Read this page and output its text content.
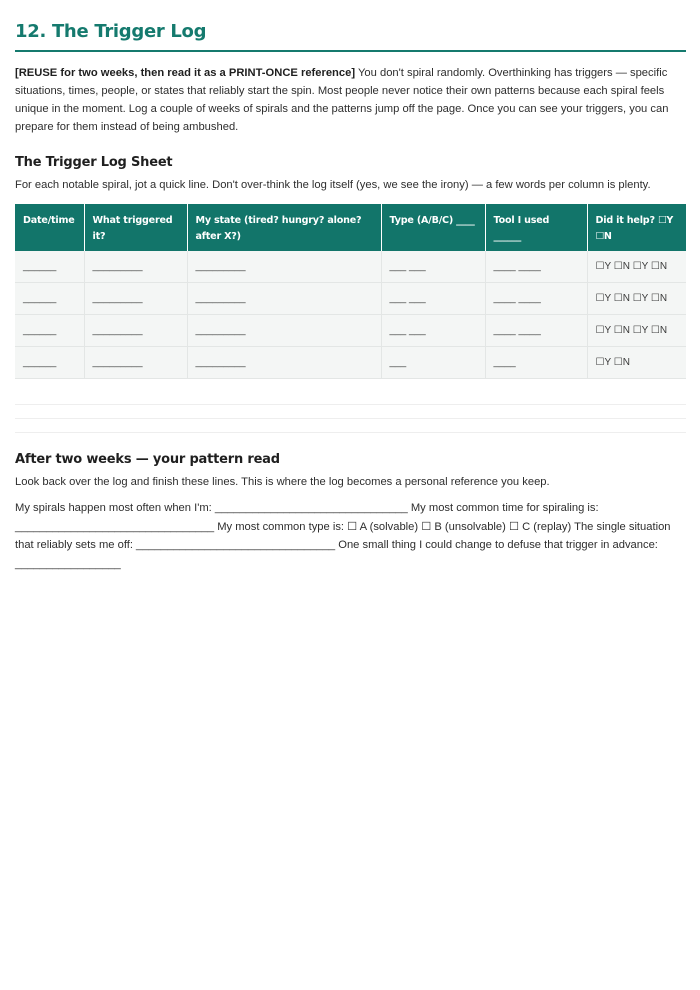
12. The Trigger Log

[REUSE for two weeks, then read it as a PRINT-ONCE reference] You don't spiral randomly. Overthinking has triggers — specific situations, times, people, or states that reliably start the spin. Most people never notice their own patterns because each spiral feels unique in the moment. Log a couple of weeks of spirals and the patterns jump off the page. Once you can see your triggers, you can prepare for them instead of being ambushed.

The Trigger Log Sheet

For each notable spiral, jot a quick line. Don't over-think the log itself (yes, we see the irony) — a few words per column is plenty.

Date/time	What triggered it?	My state (tired? hungry? alone? after X?)	Type (A/B/C) ____	Tool I used ______	Did it help? ☐Y ☐N
______	_________	_________	___ ___	____ ____	☐Y ☐N ☐Y ☐N
______	_________	_________	___ ___	____ ____	☐Y ☐N ☐Y ☐N
______	_________	_________	___ ___	____ ____	☐Y ☐N ☐Y ☐N
______	_________	_________	___	____	☐Y ☐N
After two weeks — your pattern read

Look back over the log and finish these lines. This is where the log becomes a personal reference you keep.

My spirals happen most often when I'm: _______________________________ My most common time for spiraling is: ________________________________ My most common type is: ☐ A (solvable) ☐ B (unsolvable) ☐ C (replay) The single situation that reliably sets me off: ________________________________ One small thing I could change to defuse that trigger in advance: _________________
